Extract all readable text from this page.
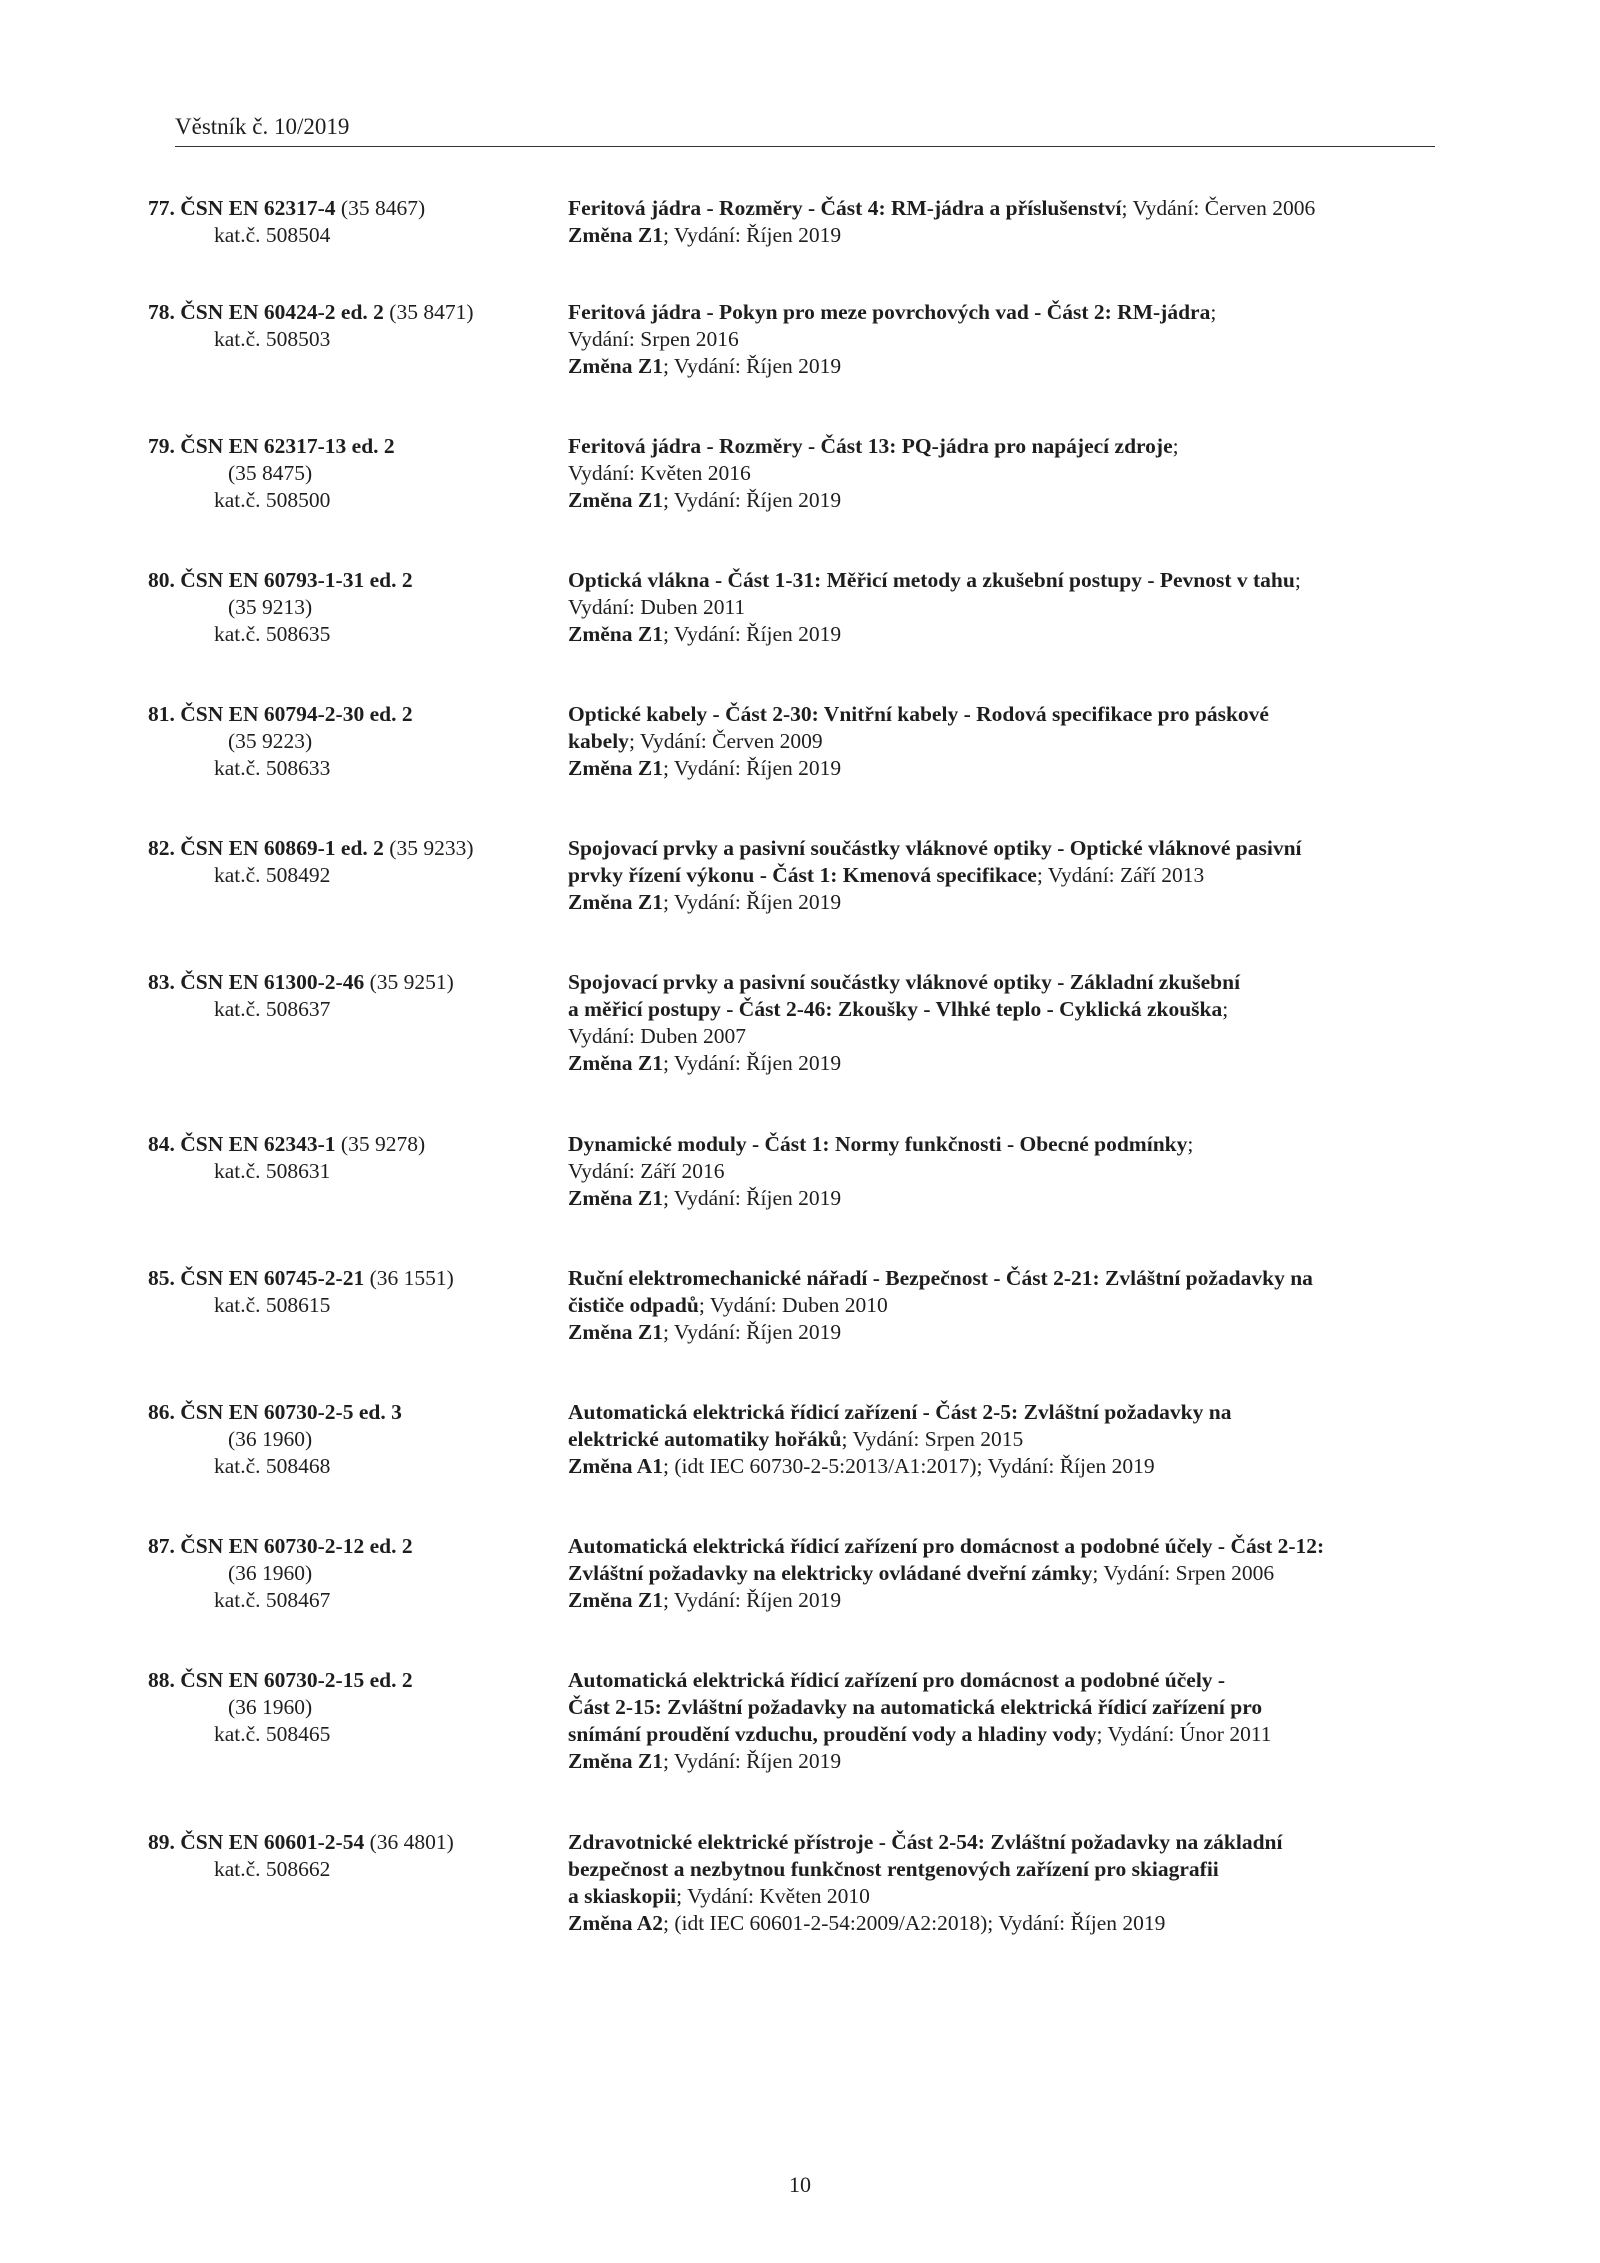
Věstník č. 10/2019
77. ČSN EN 62317-4 (35 8467)
kat.č. 508504
Feritová jádra - Rozměry - Část 4: RM-jádra a příslušenství; Vydání: Červen 2006
Změna Z1; Vydání: Říjen 2019
78. ČSN EN 60424-2 ed. 2 (35 8471)
kat.č. 508503
Feritová jádra - Pokyn pro meze povrchových vad - Část 2: RM-jádra;
Vydání: Srpen 2016
Změna Z1; Vydání: Říjen 2019
79. ČSN EN 62317-13 ed. 2
(35 8475)
kat.č. 508500
Feritová jádra - Rozměry - Část 13: PQ-jádra pro napájecí zdroje;
Vydání: Květen 2016
Změna Z1; Vydání: Říjen 2019
80. ČSN EN 60793-1-31 ed. 2
(35 9213)
kat.č. 508635
Optická vlákna - Část 1-31: Měřicí metody a zkušební postupy - Pevnost v tahu;
Vydání: Duben 2011
Změna Z1; Vydání: Říjen 2019
81. ČSN EN 60794-2-30 ed. 2
(35 9223)
kat.č. 508633
Optické kabely - Část 2-30: Vnitřní kabely - Rodová specifikace pro páskové
kabely; Vydání: Červen 2009
Změna Z1; Vydání: Říjen 2019
82. ČSN EN 60869-1 ed. 2 (35 9233)
kat.č. 508492
Spojovací prvky a pasivní součástky vláknové optiky - Optické vláknové pasivní
prvky řízení výkonu - Část 1: Kmenová specifikace; Vydání: Září 2013
Změna Z1; Vydání: Říjen 2019
83. ČSN EN 61300-2-46 (35 9251)
kat.č. 508637
Spojovací prvky a pasivní součástky vláknové optiky - Základní zkušební
a měřicí postupy - Část 2-46: Zkoušky - Vlhké teplo - Cyklická zkouška;
Vydání: Duben 2007
Změna Z1; Vydání: Říjen 2019
84. ČSN EN 62343-1 (35 9278)
kat.č. 508631
Dynamické moduly - Část 1: Normy funkčnosti - Obecné podmínky;
Vydání: Září 2016
Změna Z1; Vydání: Říjen 2019
85. ČSN EN 60745-2-21 (36 1551)
kat.č. 508615
Ruční elektromechanické nářadí - Bezpečnost - Část 2-21: Zvláštní požadavky na
čističe odpadů; Vydání: Duben 2010
Změna Z1; Vydání: Říjen 2019
86. ČSN EN 60730-2-5 ed. 3
(36 1960)
kat.č. 508468
Automatická elektrická řídicí zařízení - Část 2-5: Zvláštní požadavky na
elektrické automatiky hořáků; Vydání: Srpen 2015
Změna A1; (idt IEC 60730-2-5:2013/A1:2017); Vydání: Říjen 2019
87. ČSN EN 60730-2-12 ed. 2
(36 1960)
kat.č. 508467
Automatická elektrická řídicí zařízení pro domácnost a podobné účely - Část 2-12:
Zvláštní požadavky na elektricky ovládané dveřní zámky; Vydání: Srpen 2006
Změna Z1; Vydání: Říjen 2019
88. ČSN EN 60730-2-15 ed. 2
(36 1960)
kat.č. 508465
Automatická elektrická řídicí zařízení pro domácnost a podobné účely -
Část 2-15: Zvláštní požadavky na automatická elektrická řídicí zařízení pro
snímání proudění vzduchu, proudění vody a hladiny vody; Vydání: Únor 2011
Změna Z1; Vydání: Říjen 2019
89. ČSN EN 60601-2-54 (36 4801)
kat.č. 508662
Zdravotnické elektrické přístroje - Část 2-54: Zvláštní požadavky na základní
bezpečnost a nezbytnou funkčnost rentgenových zařízení pro skiagrafii
a skiaskopii; Vydání: Květen 2010
Změna A2; (idt IEC 60601-2-54:2009/A2:2018); Vydání: Říjen 2019
10
